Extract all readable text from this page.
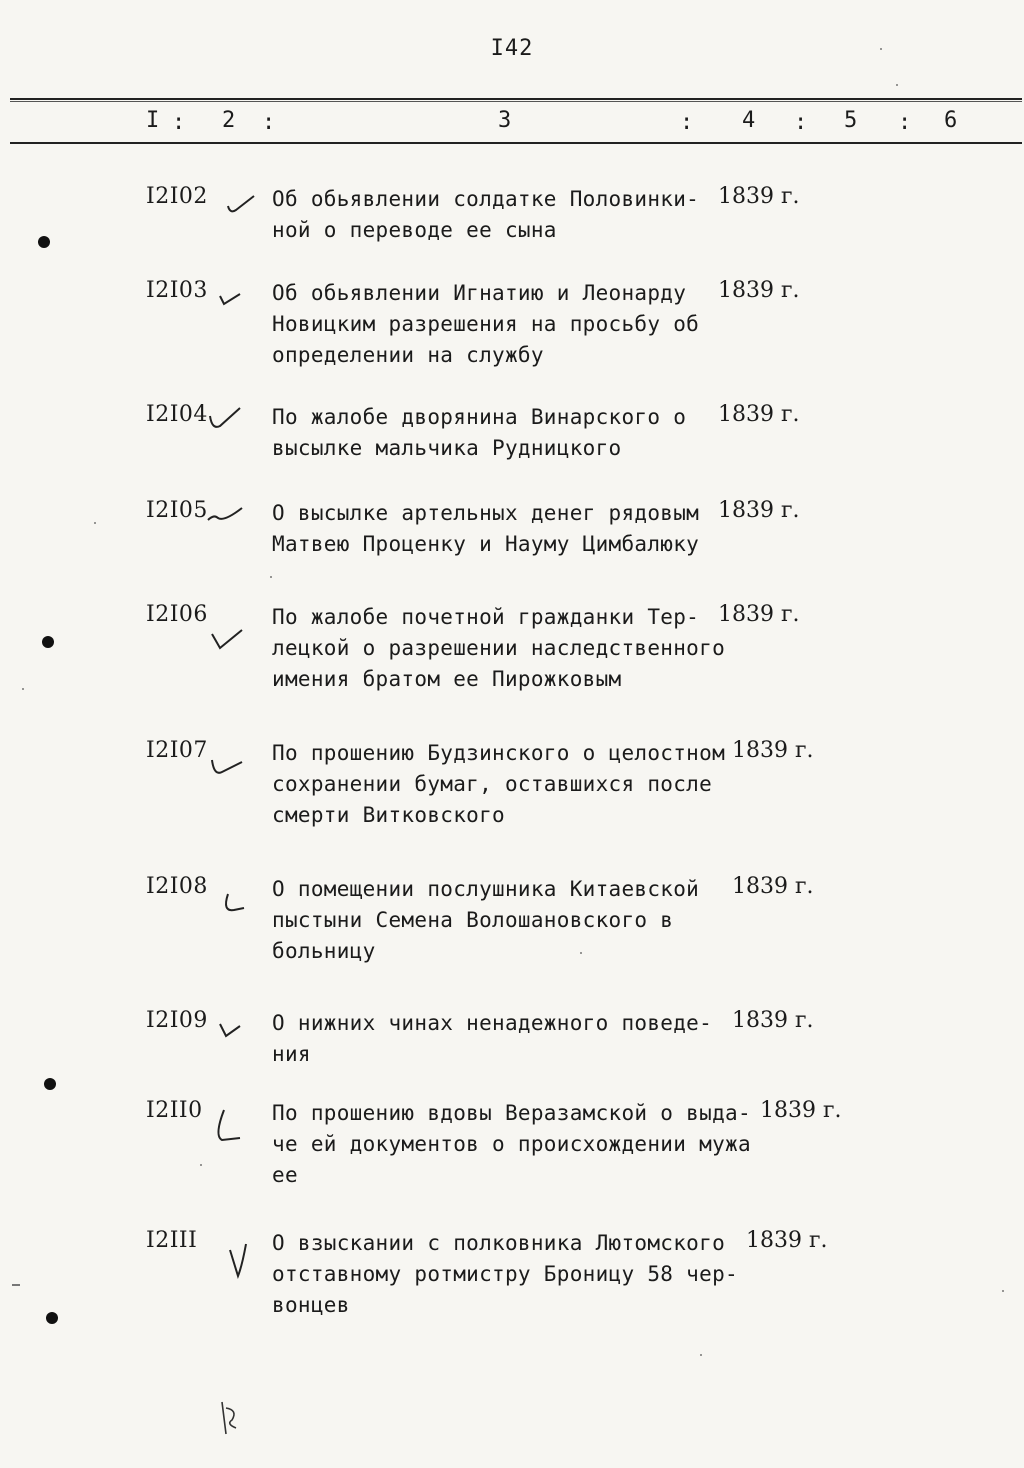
I42
I : 2 :	3	: 4 : 5 : 6
I2I02	Об обьявлении солдатке Половинки-
ной о переводе ее сына
1839 г.
I2I03	Об обьявлении Игнатию и Леонарду
Новицким разрешения на просьбу об
определении на службу
1839 г.
I2I04	По жалобе дворянина Винарского о
высылке мальчика Рудницкого
1839 г.
I2I05	О высылке артельных денег рядовым
Матвею Проценку и Науму Цимбалюку
1839 г.
I2I06	По жалобе почетной гражданки Тер-
лецкой о разрешении наследственного
имения братом ее Пирожковым
1839 г.
I2I07	По прошению Будзинского о целостном
сохранении бумаг, оставшихся после
смерти Витковского
1839 г.
I2I08	О помещении послушника Китаевской
пыстыни Семена Волошановского в
больницу
1839 г.
I2I09	О нижних чинах ненадежного поведе-
ния
1839 г.
I2II0	По прошению вдовы Веразамской о выда-
че ей документов о происхождении мужа
ее
1839 г.
I2III	О взыскании с полковника Лютомского
отставному ротмистру Броницу 58 чер-
вонцев
1839 г.
